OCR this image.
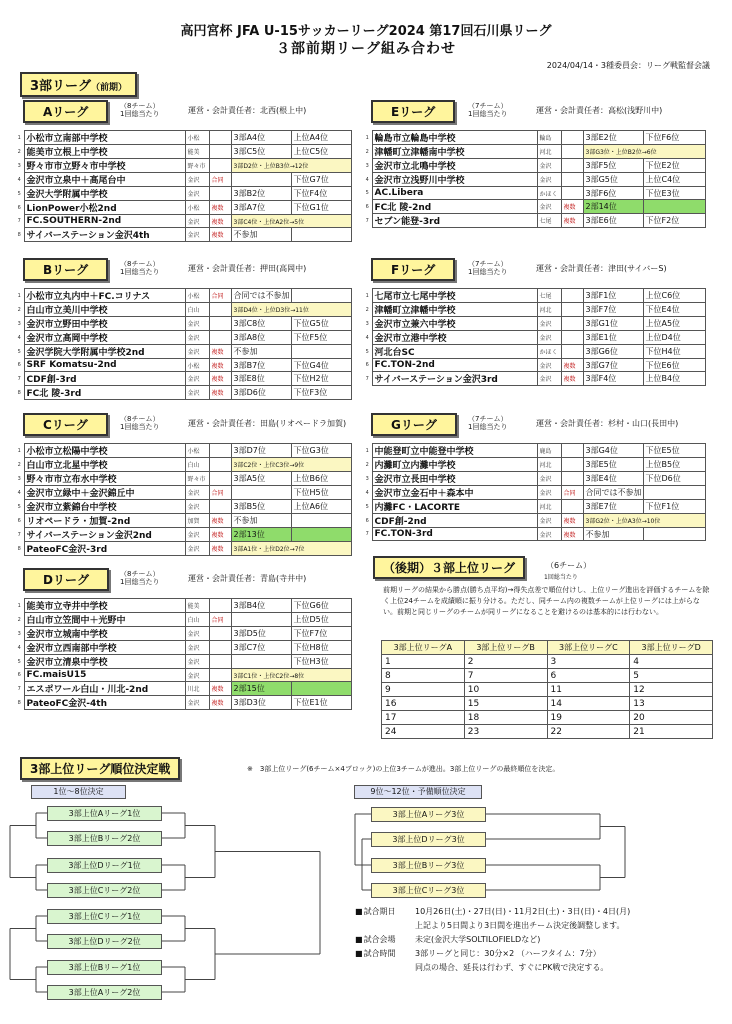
高円宮杯 JFA U-15サッカーリーグ2024 第17回石川県リーグ
３部前期リーグ組み合わせ
2024/04/14・3種委員会：リーグ戦監督会議
3部リーグ（前期）
Aリーグ	（8チーム）
1回総当たり	運営・会計責任者：北西(根上中)
1	小松市立南部中学校	小松		3部A4位	上位A4位
2	能美市立根上中学校	能美		3部C5位	上位C5位
3	野々市市立野々市中学校	野々市		3部D2位・上位B3位→12位	
4	金沢市立泉中＋高尾台中	金沢	合同		下位G7位
5	金沢大学附属中学校	金沢		3部B2位	下位F4位
6	LionPower小松2nd	小松	複数	3部A7位	下位G1位
7	FC.SOUTHERN-2nd	金沢	複数	3部C4位・上位A2位→5位	
8	サイバーステーション金沢4th	金沢	複数	不参加	
Bリーグ	（8チーム）
1回総当たり	運営・会計責任者：押田(高岡中)
1	小松市立丸内中＋FC.コリナス	小松	合同	合同では不参加	
2	白山市立美川中学校	白山		3部D4位・上位D3位→11位	
3	金沢市立野田中学校	金沢		3部C8位	下位G5位
4	金沢市立高岡中学校	金沢		3部A8位	下位F5位
5	金沢学院大学附属中学校2nd	金沢	複数	不参加	
6	SRF Komatsu-2nd	小松	複数	3部B7位	下位G4位
7	CDF創-3rd	金沢	複数	3部E8位	下位H2位
8	FC北 陵-3rd	金沢	複数	3部D6位	下位F3位
Cリーグ	（8チーム）
1回総当たり	運営・会計責任者：田島(リオペードラ加賀)
1	小松市立松陽中学校	小松		3部D7位	下位G3位
2	白山市立北星中学校	白山		3部C2位・上位C3位→9位	
3	野々市市立布水中学校	野々市		3部A5位	上位B6位
4	金沢市立緑中＋金沢錦丘中	金沢	合同		下位H5位
5	金沢市立紫錦台中学校	金沢		3部B5位	上位A6位
6	リオペードラ・加賀-2nd	加賀	複数	不参加	
7	サイバーステーション金沢2nd	金沢	複数	2部13位	
8	PateoFC金沢-3rd	金沢	複数	3部A1位・上位D2位→7位	
Dリーグ	（8チーム）
1回総当たり	運営・会計責任者：青島(寺井中)
1	能美市立寺井中学校	能美		3部B4位	下位G6位
2	白山市立笠間中＋光野中	白山	合同		上位D5位
3	金沢市立城南中学校	金沢		3部D5位	下位F7位
4	金沢市立西南部中学校	金沢		3部C7位	下位H8位
5	金沢市立清泉中学校	金沢			下位H3位
6	FC.maisU15	金沢		3部C1位・上位C2位→8位	
7	エスポワール白山・川北-2nd	川北	複数	2部15位	
8	PateoFC金沢-4th	金沢	複数	3部D3位	下位E1位
Eリーグ	（7チーム）
1回総当たり	運営・会計責任者：高松(浅野川中)
1	輪島市立輪島中学校	輪島		3部E2位	下位F6位
2	津幡町立津幡南中学校	河北		3部G3位・上位B2位→6位	
3	金沢市立北鳴中学校	金沢		3部F5位	下位E2位
4	金沢市立浅野川中学校	金沢		3部G5位	上位C4位
5	AC.Libera	かほく		3部F6位	下位E3位
6	FC北 陵-2nd	金沢	複数	2部14位	
7	セブン能登-3rd	七尾	複数	3部E6位	下位F2位
Fリーグ	（7チーム）
1回総当たり	運営・会計責任者：津田(サイバーS)
1	七尾市立七尾中学校	七尾		3部F1位	上位C6位
2	津幡町立津幡中学校	河北		3部F7位	下位E4位
3	金沢市立兼六中学校	金沢		3部G1位	上位A5位
4	金沢市立港中学校	金沢		3部E1位	上位D4位
5	河北台SC	かほく		3部G6位	下位H4位
6	FC.TON-2nd	金沢	複数	3部G7位	下位E6位
7	サイバーステーション金沢3rd	金沢	複数	3部F4位	上位B4位
Gリーグ	（7チーム）
1回総当たり	運営・会計責任者：杉村・山口(長田中)
1	中能登町立中能登中学校	鹿島		3部G4位	下位E5位
2	内灘町立内灘中学校	河北		3部E5位	上位B5位
3	金沢市立長田中学校	金沢		3部E4位	下位D6位
4	金沢市立金石中＋森本中	金沢	合同	合同では不参加	
5	内灘FC・LACORTE	河北		3部E7位	下位F1位
6	CDF創-2nd	金沢	複数	3部G2位・上位A3位→10位	
7	FC.TON-3rd	金沢	複数	不参加	
（後期）３部上位リーグ	（6チーム）
1回総当たり
前期リーグの結果から勝点(勝ち点平均)→得失点差で順位付けし、上位リーグ進出を評価するチームを除く上位24チームを成績順に振り分ける。ただし、同チーム内の複数チームが上位リーグには上がらない。前期と同じリーグのチームが同リーグになることを避けるのは基本的には行わない。
3部上位リーグA	3部上位リーグB	3部上位リーグC	3部上位リーグD
1	2	3	4
8	7	6	5
9	10	11	12
16	15	14	13
17	18	19	20
24	23	22	21
3部上位リーグ順位決定戦	※　3部上位リーグ(6チーム×4ブロック)の上位3チームが進出。3部上位リーグの最終順位を決定。
1位〜8位決定	9位〜12位・予備順位決定
3部上位Aリーグ1位
3部上位Bリーグ2位
3部上位Dリーグ1位
3部上位Cリーグ2位
3部上位Cリーグ1位
3部上位Dリーグ2位
3部上位Bリーグ1位
3部上位Aリーグ2位
3部上位Aリーグ3位
3部上位Dリーグ3位
3部上位Bリーグ3位
3部上位Cリーグ3位
■ 試合期日	10月26日(土)・27日(日)・11月2日(土)・3日(日)・4日(月)
上記より5日間より3日間を進出チーム決定後調整します。
■ 試合会場	未定(金沢大学SOLTILOFIELDなど)
■ 試合時間	3部リーグと同じ：30分×2 （ハーフタイム：7分）
同点の場合、延長は行わず、すぐにPK戦で決定する。
